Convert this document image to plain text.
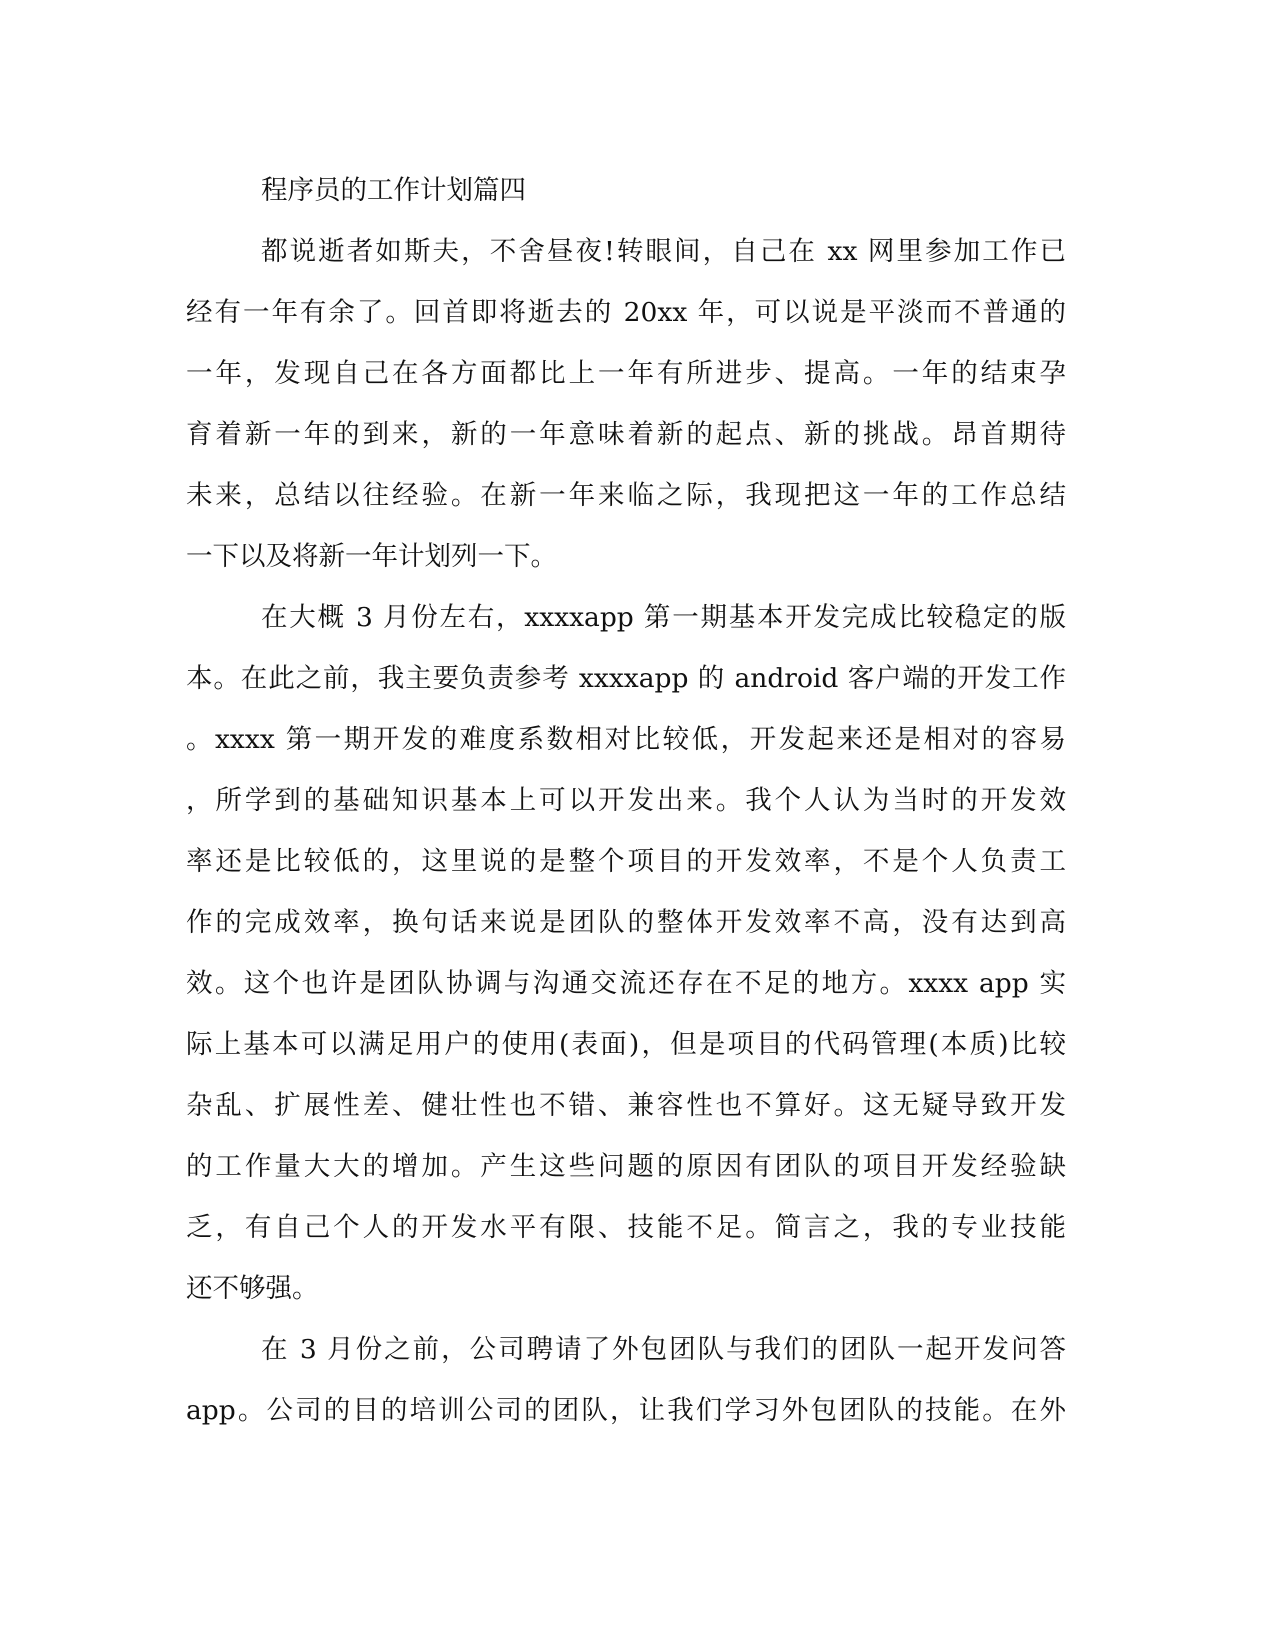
程序员的工作计划篇四
都说逝者如斯夫，不舍昼夜!转眼间，自己在 xx 网里参加工作已
经有一年有余了。回首即将逝去的 20xx 年，可以说是平淡而不普通的
一年，发现自己在各方面都比上一年有所进步、提高。一年的结束孕
育着新一年的到来，新的一年意味着新的起点、新的挑战。昂首期待
未来，总结以往经验。在新一年来临之际，我现把这一年的工作总结
一下以及将新一年计划列一下。
在大概 3 月份左右，xxxxapp 第一期基本开发完成比较稳定的版
本。在此之前，我主要负责参考 xxxxapp 的 android 客户端的开发工作
。xxxx 第一期开发的难度系数相对比较低，开发起来还是相对的容易
，所学到的基础知识基本上可以开发出来。我个人认为当时的开发效
率还是比较低的，这里说的是整个项目的开发效率，不是个人负责工
作的完成效率，换句话来说是团队的整体开发效率不高，没有达到高
效。这个也许是团队协调与沟通交流还存在不足的地方。xxxx app 实
际上基本可以满足用户的使用(表面)，但是项目的代码管理(本质)比较
杂乱、扩展性差、健壮性也不错、兼容性也不算好。这无疑导致开发
的工作量大大的增加。产生这些问题的原因有团队的项目开发经验缺
乏，有自己个人的开发水平有限、技能不足。简言之，我的专业技能
还不够强。
在 3 月份之前，公司聘请了外包团队与我们的团队一起开发问答
app。公司的目的培训公司的团队，让我们学习外包团队的技能。在外
